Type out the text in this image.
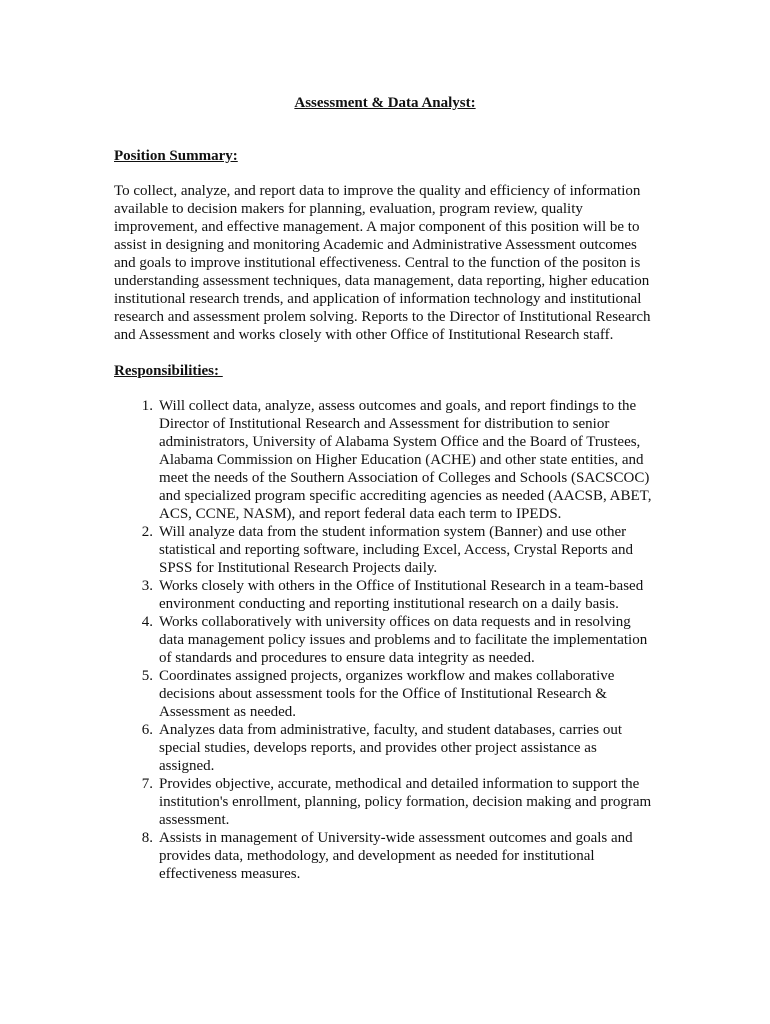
Assessment & Data Analyst:
Position Summary:
To collect, analyze, and report data to improve the quality and efficiency of information
available to decision makers for planning, evaluation, program review, quality
improvement, and effective management. A major component of this position will be to
assist in designing and monitoring Academic and Administrative Assessment outcomes
and goals to improve institutional effectiveness. Central to the function of the positon is
understanding assessment techniques, data management, data reporting, higher education
institutional research trends, and application of information technology and institutional
research and assessment prolem solving. Reports to the Director of Institutional Research
and Assessment and works closely with other Office of Institutional Research staff.
Responsibilities:
1. Will collect data, analyze, assess outcomes and goals, and report findings to the
Director of Institutional Research and Assessment for distribution to senior
administrators, University of Alabama System Office and the Board of Trustees,
Alabama Commission on Higher Education (ACHE) and other state entities, and
meet the needs of the Southern Association of Colleges and Schools (SACSCOC)
and specialized program specific accrediting agencies as needed (AACSB, ABET,
ACS, CCNE, NASM), and report federal data each term to IPEDS.
2. Will analyze data from the student information system (Banner) and use other
statistical and reporting software, including Excel, Access, Crystal Reports and
SPSS for Institutional Research Projects daily.
3. Works closely with others in the Office of Institutional Research in a team-based
environment conducting and reporting institutional research on a daily basis.
4. Works collaboratively with university offices on data requests and in resolving
data management policy issues and problems and to facilitate the implementation
of standards and procedures to ensure data integrity as needed.
5. Coordinates assigned projects, organizes workflow and makes collaborative
decisions about assessment tools for the Office of Institutional Research &
Assessment as needed.
6. Analyzes data from administrative, faculty, and student databases, carries out
special studies, develops reports, and provides other project assistance as
assigned.
7. Provides objective, accurate, methodical and detailed information to support the
institution's enrollment, planning, policy formation, decision making and program
assessment.
8. Assists in management of University-wide assessment outcomes and goals and
provides data, methodology, and development as needed for institutional
effectiveness measures.
